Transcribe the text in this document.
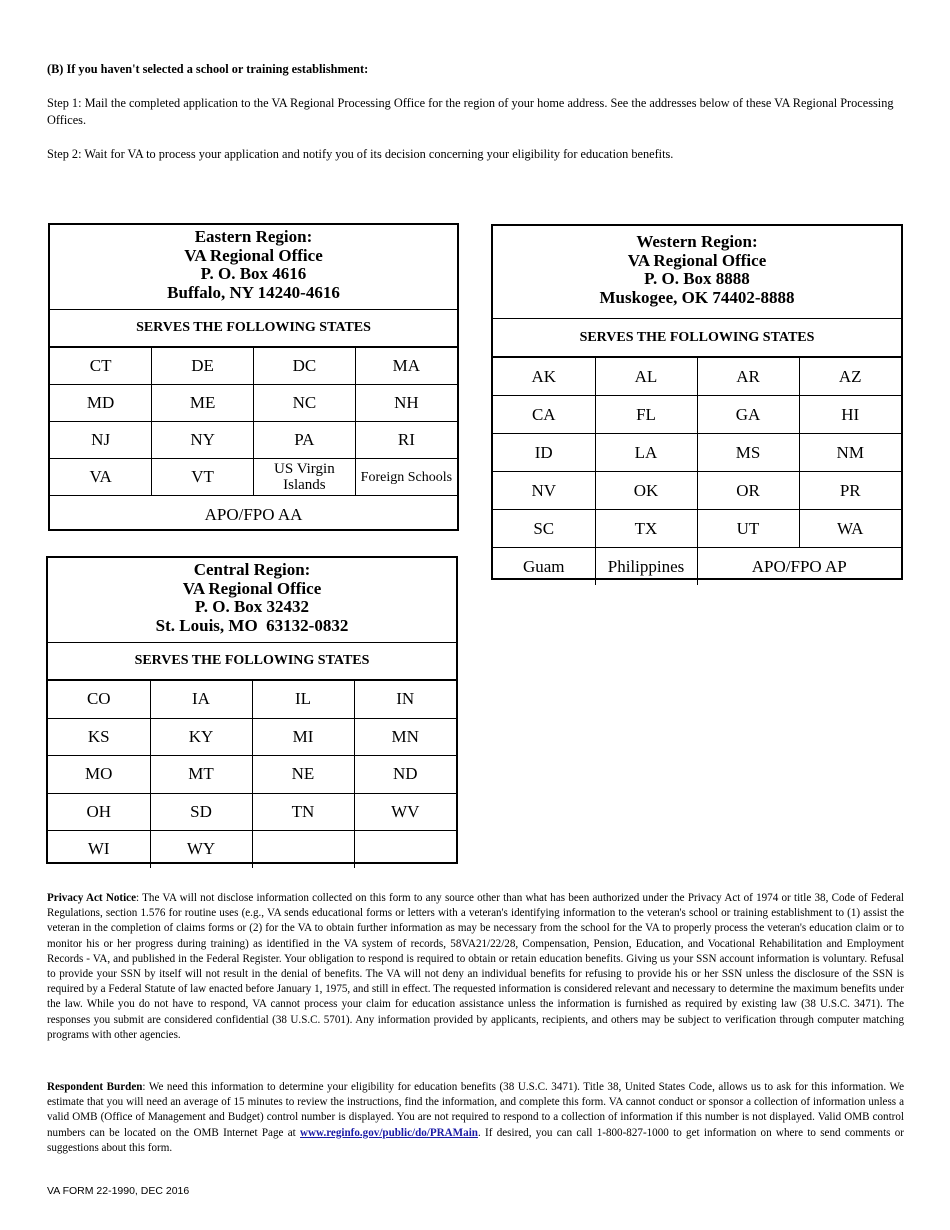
(B) If you haven't selected a school or training establishment:

Step 1: Mail the completed application to the VA Regional Processing Office for the region of your home address. See the addresses below of these VA Regional Processing Offices.

Step 2: Wait for VA to process your application and notify you of its decision concerning your eligibility for education benefits.

Eastern Region:
VA Regional Office
P. O. Box 4616
Buffalo, NY 14240-4616
SERVES THE FOLLOWING STATES
CT	DE	DC	MA
MD	ME	NC	NH
NJ	NY	PA	RI
VA	VT	US Virgin Islands	Foreign Schools
APO/FPO AA
Western Region:
VA Regional Office
P. O. Box 8888
Muskogee, OK 74402-8888
SERVES THE FOLLOWING STATES
AK	AL	AR	AZ
CA	FL	GA	HI
ID	LA	MS	NM
NV	OK	OR	PR
SC	TX	UT	WA
Guam	Philippines	APO/FPO AP	
Central Region:
VA Regional Office
P. O. Box 32432
St. Louis, MO  63132-0832
SERVES THE FOLLOWING STATES
CO	IA	IL	IN
KS	KY	MI	MN
MO	MT	NE	ND
OH	SD	TN	WV
WI	WY		

Privacy Act Notice: The VA will not disclose information collected on this form to any source other than what has been authorized under the Privacy Act of 1974 or title 38, Code of Federal Regulations, section 1.576 for routine uses (e.g., VA sends educational forms or letters with a veteran's identifying information to the veteran's school or training establishment to (1) assist the veteran in the completion of claims forms or (2) for the VA to obtain further information as may be necessary from the school for the VA to properly process the veteran's education claim or to monitor his or her progress during training) as identified in the VA system of records, 58VA21/22/28, Compensation, Pension, Education, and Vocational Rehabilitation and Employment Records - VA, and published in the Federal Register. Your obligation to respond is required to obtain or retain education benefits. Giving us your SSN account information is voluntary. Refusal to provide your SSN by itself will not result in the denial of benefits. The VA will not deny an individual benefits for refusing to provide his or her SSN unless the disclosure of the SSN is required by a Federal Statute of law enacted before January 1, 1975, and still in effect. The requested information is considered relevant and necessary to determine the maximum benefits under the law. While you do not have to respond, VA cannot process your claim for education assistance unless the information is furnished as required by existing law (38 U.S.C. 3471). The responses you submit are considered confidential (38 U.S.C. 5701). Any information provided by applicants, recipients, and others may be subject to verification through computer matching programs with other agencies.

Respondent Burden: We need this information to determine your eligibility for education benefits (38 U.S.C. 3471). Title 38, United States Code, allows us to ask for this information. We estimate that you will need an average of 15 minutes to review the instructions, find the information, and complete this form. VA cannot conduct or sponsor a collection of information unless a valid OMB (Office of Management and Budget) control number is displayed. You are not required to respond to a collection of information if this number is not displayed. Valid OMB control numbers can be located on the OMB Internet Page at www.reginfo.gov/public/do/PRAMain. If desired, you can call 1-800-827-1000 to get information on where to send comments or suggestions about this form.

VA FORM 22-1990, DEC 2016
